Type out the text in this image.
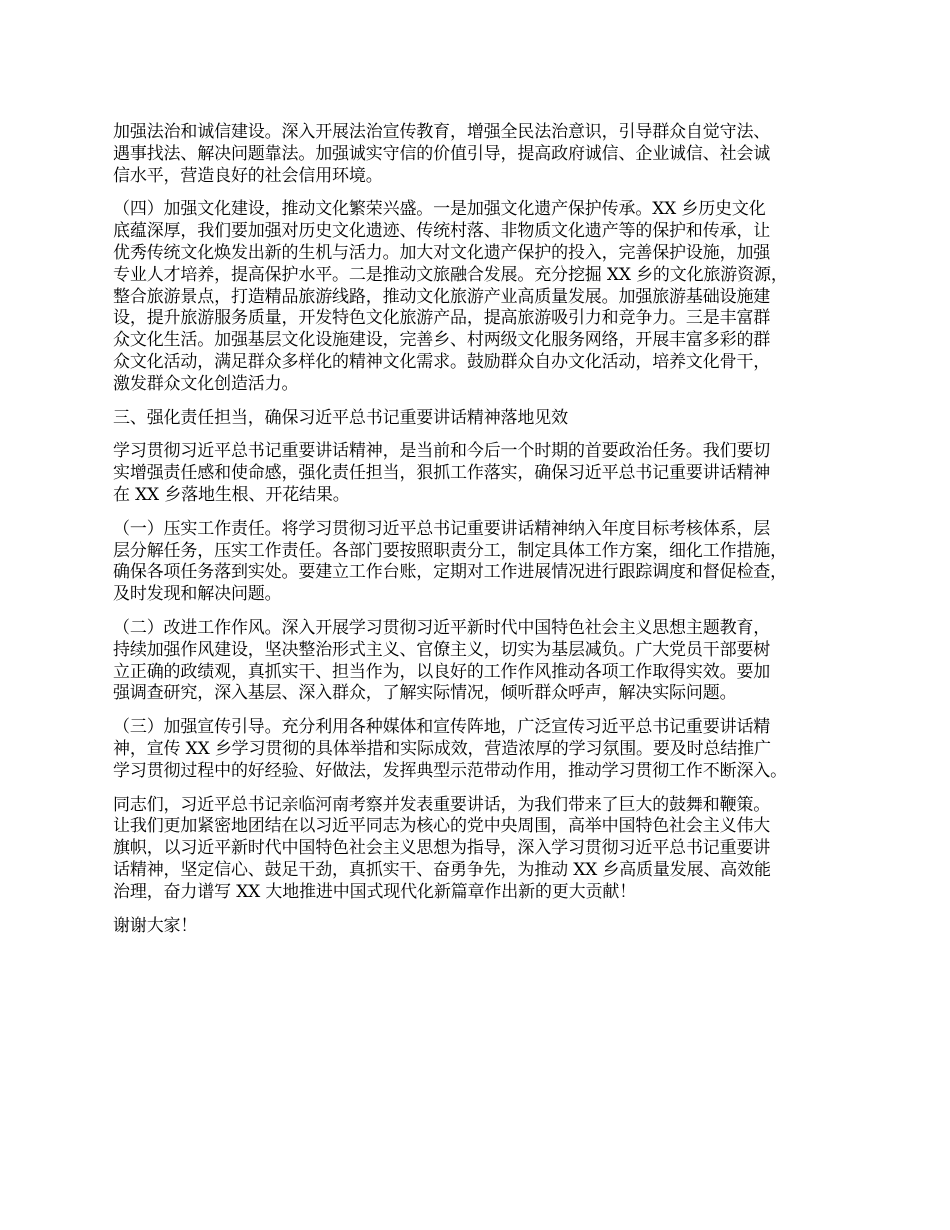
加强法治和诚信建设。深入开展法治宣传教育，增强全民法治意识，引导群众自觉守法、
遇事找法、解决问题靠法。加强诚实守信的价值引导，提高政府诚信、企业诚信、社会诚
信水平，营造良好的社会信用环境。

（四）加强文化建设，推动文化繁荣兴盛。一是加强文化遗产保护传承。XX 乡历史文化
底蕴深厚，我们要加强对历史文化遗迹、传统村落、非物质文化遗产等的保护和传承，让
优秀传统文化焕发出新的生机与活力。加大对文化遗产保护的投入，完善保护设施，加强
专业人才培养，提高保护水平。二是推动文旅融合发展。充分挖掘 XX 乡的文化旅游资源，
整合旅游景点，打造精品旅游线路，推动文化旅游产业高质量发展。加强旅游基础设施建
设，提升旅游服务质量，开发特色文化旅游产品，提高旅游吸引力和竞争力。三是丰富群
众文化生活。加强基层文化设施建设，完善乡、村两级文化服务网络，开展丰富多彩的群
众文化活动，满足群众多样化的精神文化需求。鼓励群众自办文化活动，培养文化骨干，
激发群众文化创造活力。

三、强化责任担当，确保习近平总书记重要讲话精神落地见效

学习贯彻习近平总书记重要讲话精神，是当前和今后一个时期的首要政治任务。我们要切
实增强责任感和使命感，强化责任担当，狠抓工作落实，确保习近平总书记重要讲话精神
在 XX 乡落地生根、开花结果。

（一）压实工作责任。将学习贯彻习近平总书记重要讲话精神纳入年度目标考核体系，层
层分解任务，压实工作责任。各部门要按照职责分工，制定具体工作方案，细化工作措施，
确保各项任务落到实处。要建立工作台账，定期对工作进展情况进行跟踪调度和督促检查，
及时发现和解决问题。

（二）改进工作作风。深入开展学习贯彻习近平新时代中国特色社会主义思想主题教育，
持续加强作风建设，坚决整治形式主义、官僚主义，切实为基层减负。广大党员干部要树
立正确的政绩观，真抓实干、担当作为，以良好的工作作风推动各项工作取得实效。要加
强调查研究，深入基层、深入群众，了解实际情况，倾听群众呼声，解决实际问题。

（三）加强宣传引导。充分利用各种媒体和宣传阵地，广泛宣传习近平总书记重要讲话精
神，宣传 XX 乡学习贯彻的具体举措和实际成效，营造浓厚的学习氛围。要及时总结推广
学习贯彻过程中的好经验、好做法，发挥典型示范带动作用，推动学习贯彻工作不断深入。

同志们，习近平总书记亲临河南考察并发表重要讲话，为我们带来了巨大的鼓舞和鞭策。
让我们更加紧密地团结在以习近平同志为核心的党中央周围，高举中国特色社会主义伟大
旗帜，以习近平新时代中国特色社会主义思想为指导，深入学习贯彻习近平总书记重要讲
话精神，坚定信心、鼓足干劲，真抓实干、奋勇争先，为推动 XX 乡高质量发展、高效能
治理，奋力谱写 XX 大地推进中国式现代化新篇章作出新的更大贡献！

谢谢大家！
